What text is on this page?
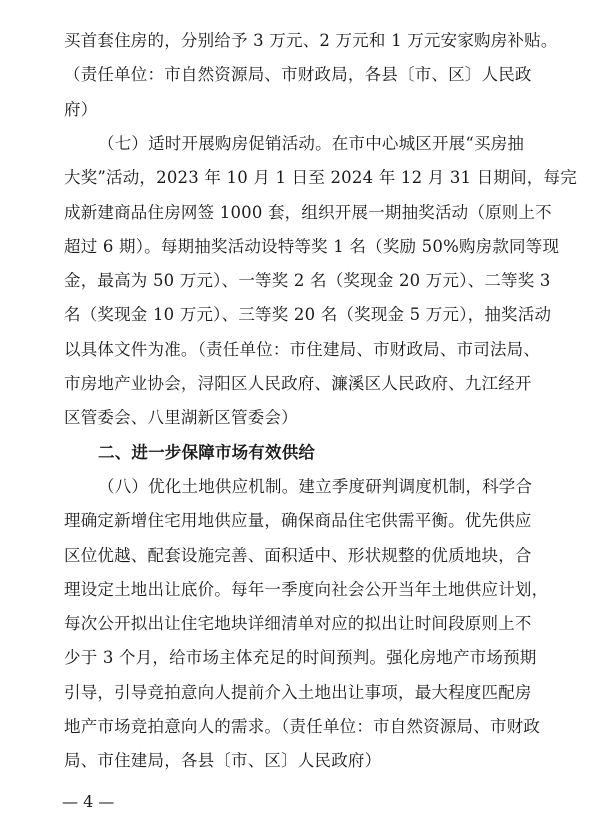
买首套住房的，分别给予 3 万元、2 万元和 1 万元安家购房补贴。
（责任单位：市自然资源局、市财政局，各县〔市、区〕人民政
府）
（七）适时开展购房促销活动。在市中心城区开展“买房抽
大奖”活动，2023 年 10 月 1 日至 2024 年 12 月 31 日期间，每完
成新建商品住房网签 1000 套，组织开展一期抽奖活动（原则上不
超过 6 期）。每期抽奖活动设特等奖 1 名（奖励 50%购房款同等现
金，最高为 50 万元）、一等奖 2 名（奖现金 20 万元）、二等奖 3
名（奖现金 10 万元）、三等奖 20 名（奖现金 5 万元），抽奖活动
以具体文件为准。（责任单位：市住建局、市财政局、市司法局、
市房地产业协会，浔阳区人民政府、濂溪区人民政府、九江经开
区管委会、八里湖新区管委会）
二、进一步保障市场有效供给
（八）优化土地供应机制。建立季度研判调度机制，科学合
理确定新增住宅用地供应量，确保商品住宅供需平衡。优先供应
区位优越、配套设施完善、面积适中、形状规整的优质地块，合
理设定土地出让底价。每年一季度向社会公开当年土地供应计划，
每次公开拟出让住宅地块详细清单对应的拟出让时间段原则上不
少于 3 个月，给市场主体充足的时间预判。强化房地产市场预期
引导，引导竞拍意向人提前介入土地出让事项，最大程度匹配房
地产市场竞拍意向人的需求。（责任单位：市自然资源局、市财政
局、市住建局，各县〔市、区〕人民政府）
— 4 —
